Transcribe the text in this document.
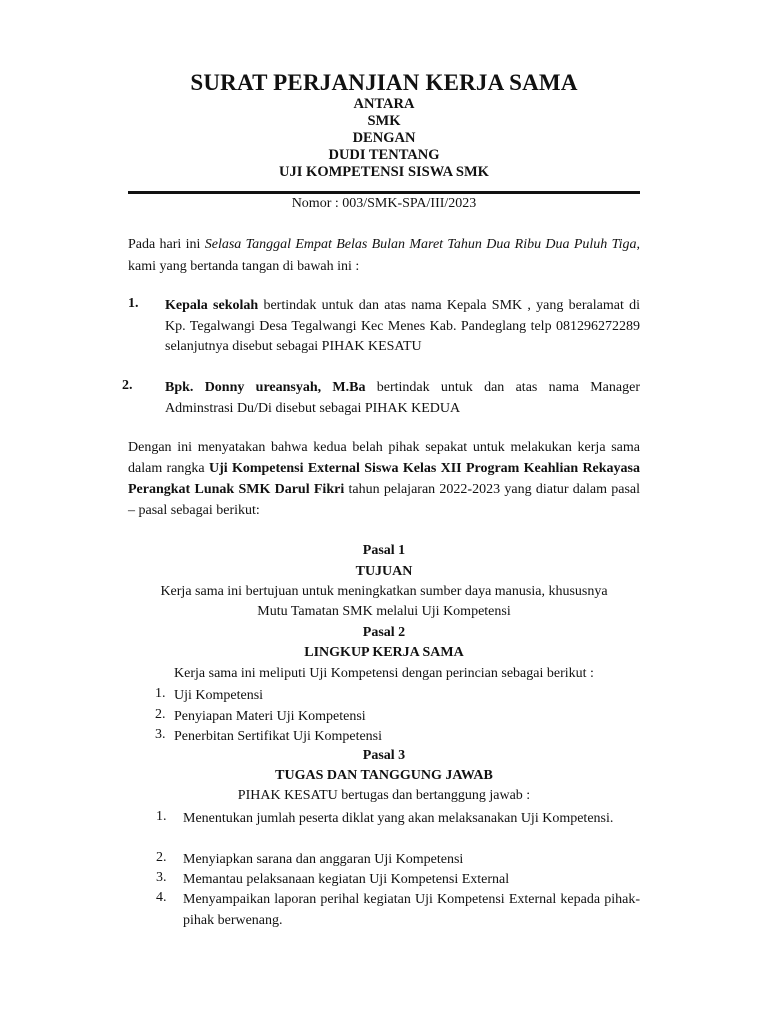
SURAT PERJANJIAN KERJA SAMA
ANTARA
SMK
DENGAN
DUDI TENTANG
UJI KOMPETENSI SISWA SMK
Nomor : 003/SMK-SPA/III/2023
Pada hari ini Selasa Tanggal Empat Belas Bulan Maret Tahun Dua Ribu Dua Puluh Tiga, kami yang bertanda tangan di bawah ini :
1. Kepala sekolah bertindak untuk dan atas nama Kepala SMK , yang beralamat di Kp. Tegalwangi Desa Tegalwangi Kec Menes Kab. Pandeglang telp 081296272289 selanjutnya disebut sebagai PIHAK KESATU
2. Bpk. Donny ureansyah, M.Ba bertindak untuk dan atas nama Manager Adminstrasi Du/Di disebut sebagai PIHAK KEDUA
Dengan ini menyatakan bahwa kedua belah pihak sepakat untuk melakukan kerja sama dalam rangka Uji Kompetensi External Siswa Kelas XII Program Keahlian Rekayasa Perangkat Lunak SMK Darul Fikri tahun pelajaran 2022-2023 yang diatur dalam pasal – pasal sebagai berikut:
Pasal 1
TUJUAN
Kerja sama ini bertujuan untuk meningkatkan sumber daya manusia, khususnya
Mutu Tamatan SMK melalui Uji Kompetensi
Pasal 2
LINGKUP KERJA SAMA
Kerja sama ini meliputi Uji Kompetensi dengan perincian sebagai berikut :
1. Uji Kompetensi
2. Penyiapan Materi Uji Kompetensi
3. Penerbitan Sertifikat Uji Kompetensi
Pasal 3
TUGAS DAN TANGGUNG JAWAB
PIHAK KESATU bertugas dan bertanggung jawab :
1. Menentukan jumlah peserta diklat yang akan melaksanakan Uji Kompetensi.
2. Menyiapkan sarana dan anggaran Uji Kompetensi
3. Memantau pelaksanaan kegiatan Uji Kompetensi External
4. Menyampaikan laporan perihal kegiatan Uji Kompetensi External kepada pihak-pihak berwenang.
